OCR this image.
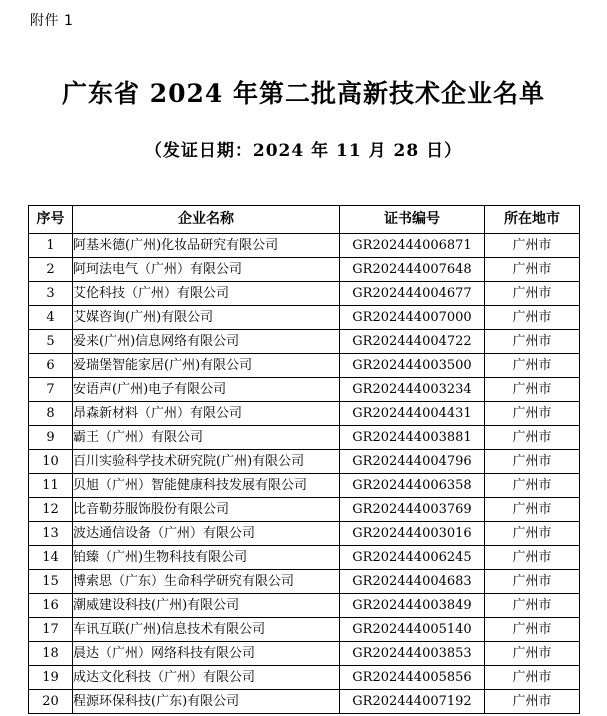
附件 1
广东省 2024 年第二批高新技术企业名单
（发证日期：2024 年 11 月 28 日）
序号	企业名称	证书编号	所在地市
1	阿基米德(广州)化妆品研究有限公司	GR202444006871	广州市
2	阿珂法电气（广州）有限公司	GR202444007648	广州市
3	艾伦科技（广州）有限公司	GR202444004677	广州市
4	艾媒咨询(广州)有限公司	GR202444007000	广州市
5	爱来(广州)信息网络有限公司	GR202444004722	广州市
6	爱瑞堡智能家居(广州)有限公司	GR202444003500	广州市
7	安语声(广州)电子有限公司	GR202444003234	广州市
8	昂森新材料（广州）有限公司	GR202444004431	广州市
9	霸王（广州）有限公司	GR202444003881	广州市
10	百川实验科学技术研究院(广州)有限公司	GR202444004796	广州市
11	贝旭（广州）智能健康科技发展有限公司	GR202444006358	广州市
12	比音勒芬服饰股份有限公司	GR202444003769	广州市
13	波达通信设备（广州）有限公司	GR202444003016	广州市
14	铂臻（广州)生物科技有限公司	GR202444006245	广州市
15	博索思（广东）生命科学研究有限公司	GR202444004683	广州市
16	潮威建设科技(广州)有限公司	GR202444003849	广州市
17	车讯互联(广州)信息技术有限公司	GR202444005140	广州市
18	晨达（广州）网络科技有限公司	GR202444003853	广州市
19	成达文化科技（广州）有限公司	GR202444005856	广州市
20	程源环保科技(广东)有限公司	GR202444007192	广州市
